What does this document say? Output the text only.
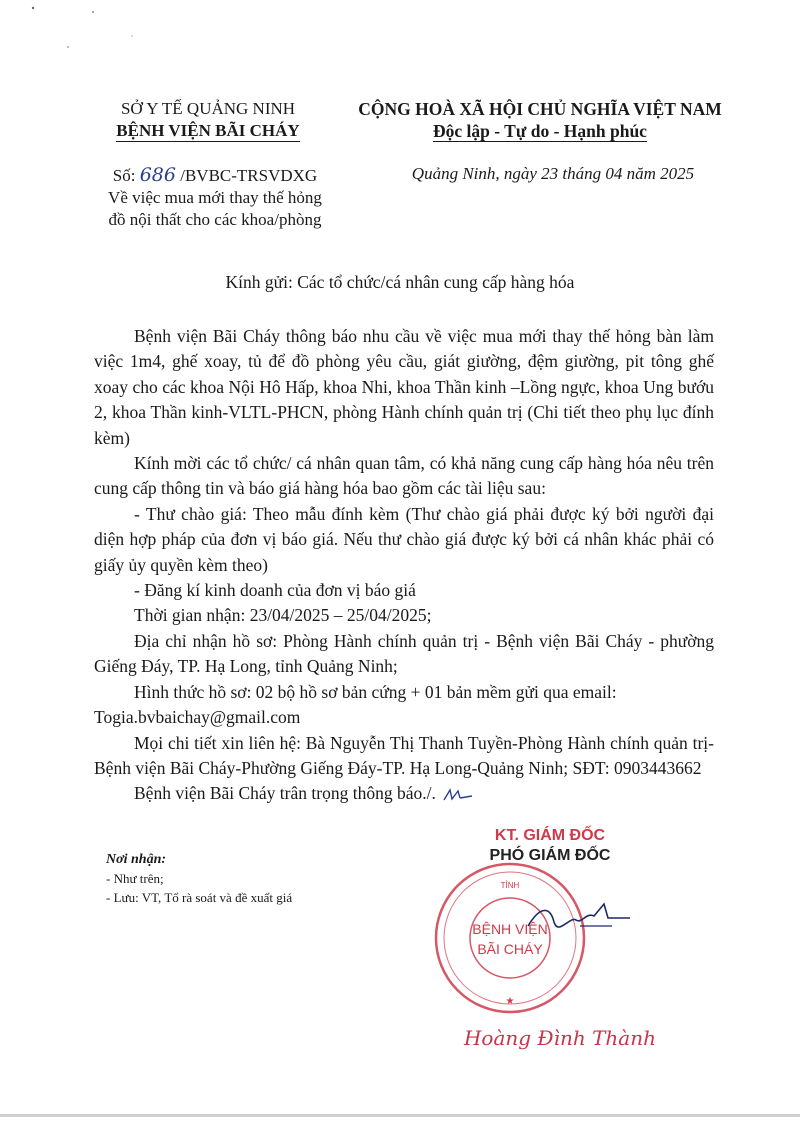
SỞ Y TẾ QUẢNG NINH
BỆNH VIỆN BÃI CHÁY
CỘNG HOÀ XÃ HỘI CHỦ NGHĨA VIỆT NAM
Độc lập - Tự do - Hạnh phúc
Số: 686 /BVBC-TRSVDXG
Về việc mua mới thay thế hỏng
đồ nội thất cho các khoa/phòng
Quảng Ninh, ngày 23 tháng 04 năm 2025
Kính gửi: Các tổ chức/cá nhân cung cấp hàng hóa

Bệnh viện Bãi Cháy thông báo nhu cầu về việc mua mới thay thế hỏng bàn làm việc 1m4, ghế xoay, tủ để đồ phòng yêu cầu, giát giường, đệm giường, pit tông ghế xoay cho các khoa Nội Hô Hấp, khoa Nhi, khoa Thần kinh –Lồng ngực, khoa Ung bướu 2, khoa Thần kinh-VLTL-PHCN, phòng Hành chính quản trị (Chi tiết theo phụ lục đính kèm)

Kính mời các tổ chức/ cá nhân quan tâm, có khả năng cung cấp hàng hóa nêu trên cung cấp thông tin và báo giá hàng hóa bao gồm các tài liệu sau:

- Thư chào giá: Theo mẫu đính kèm (Thư chào giá phải được ký bởi người đại diện hợp pháp của đơn vị báo giá. Nếu thư chào giá được ký bởi cá nhân khác phải có giấy ủy quyền kèm theo)

- Đăng kí kinh doanh của đơn vị báo giá

Thời gian nhận: 23/04/2025 – 25/04/2025;

Địa chỉ nhận hồ sơ: Phòng Hành chính quản trị - Bệnh viện Bãi Cháy - phường Giếng Đáy, TP. Hạ Long, tỉnh Quảng Ninh;

Hình thức hồ sơ: 02 bộ hồ sơ bản cứng + 01 bản mềm gửi qua email:

Togia.bvbaichay@gmail.com

Mọi chi tiết xin liên hệ: Bà Nguyễn Thị Thanh Tuyền-Phòng Hành chính quản trị-Bệnh viện Bãi Cháy-Phường Giếng Đáy-TP. Hạ Long-Quảng Ninh; SĐT: 0903443662

Bệnh viện Bãi Cháy trân trọng thông báo./.

Nơi nhận:
- Như trên;
- Lưu: VT, Tổ rà soát và đề xuất giá
KT. GIÁM ĐỐC
PHÓ GIÁM ĐỐC
BỆNH VIỆN
BÃI CHÁY
TỈNH
★
Hoàng Đình Thành
